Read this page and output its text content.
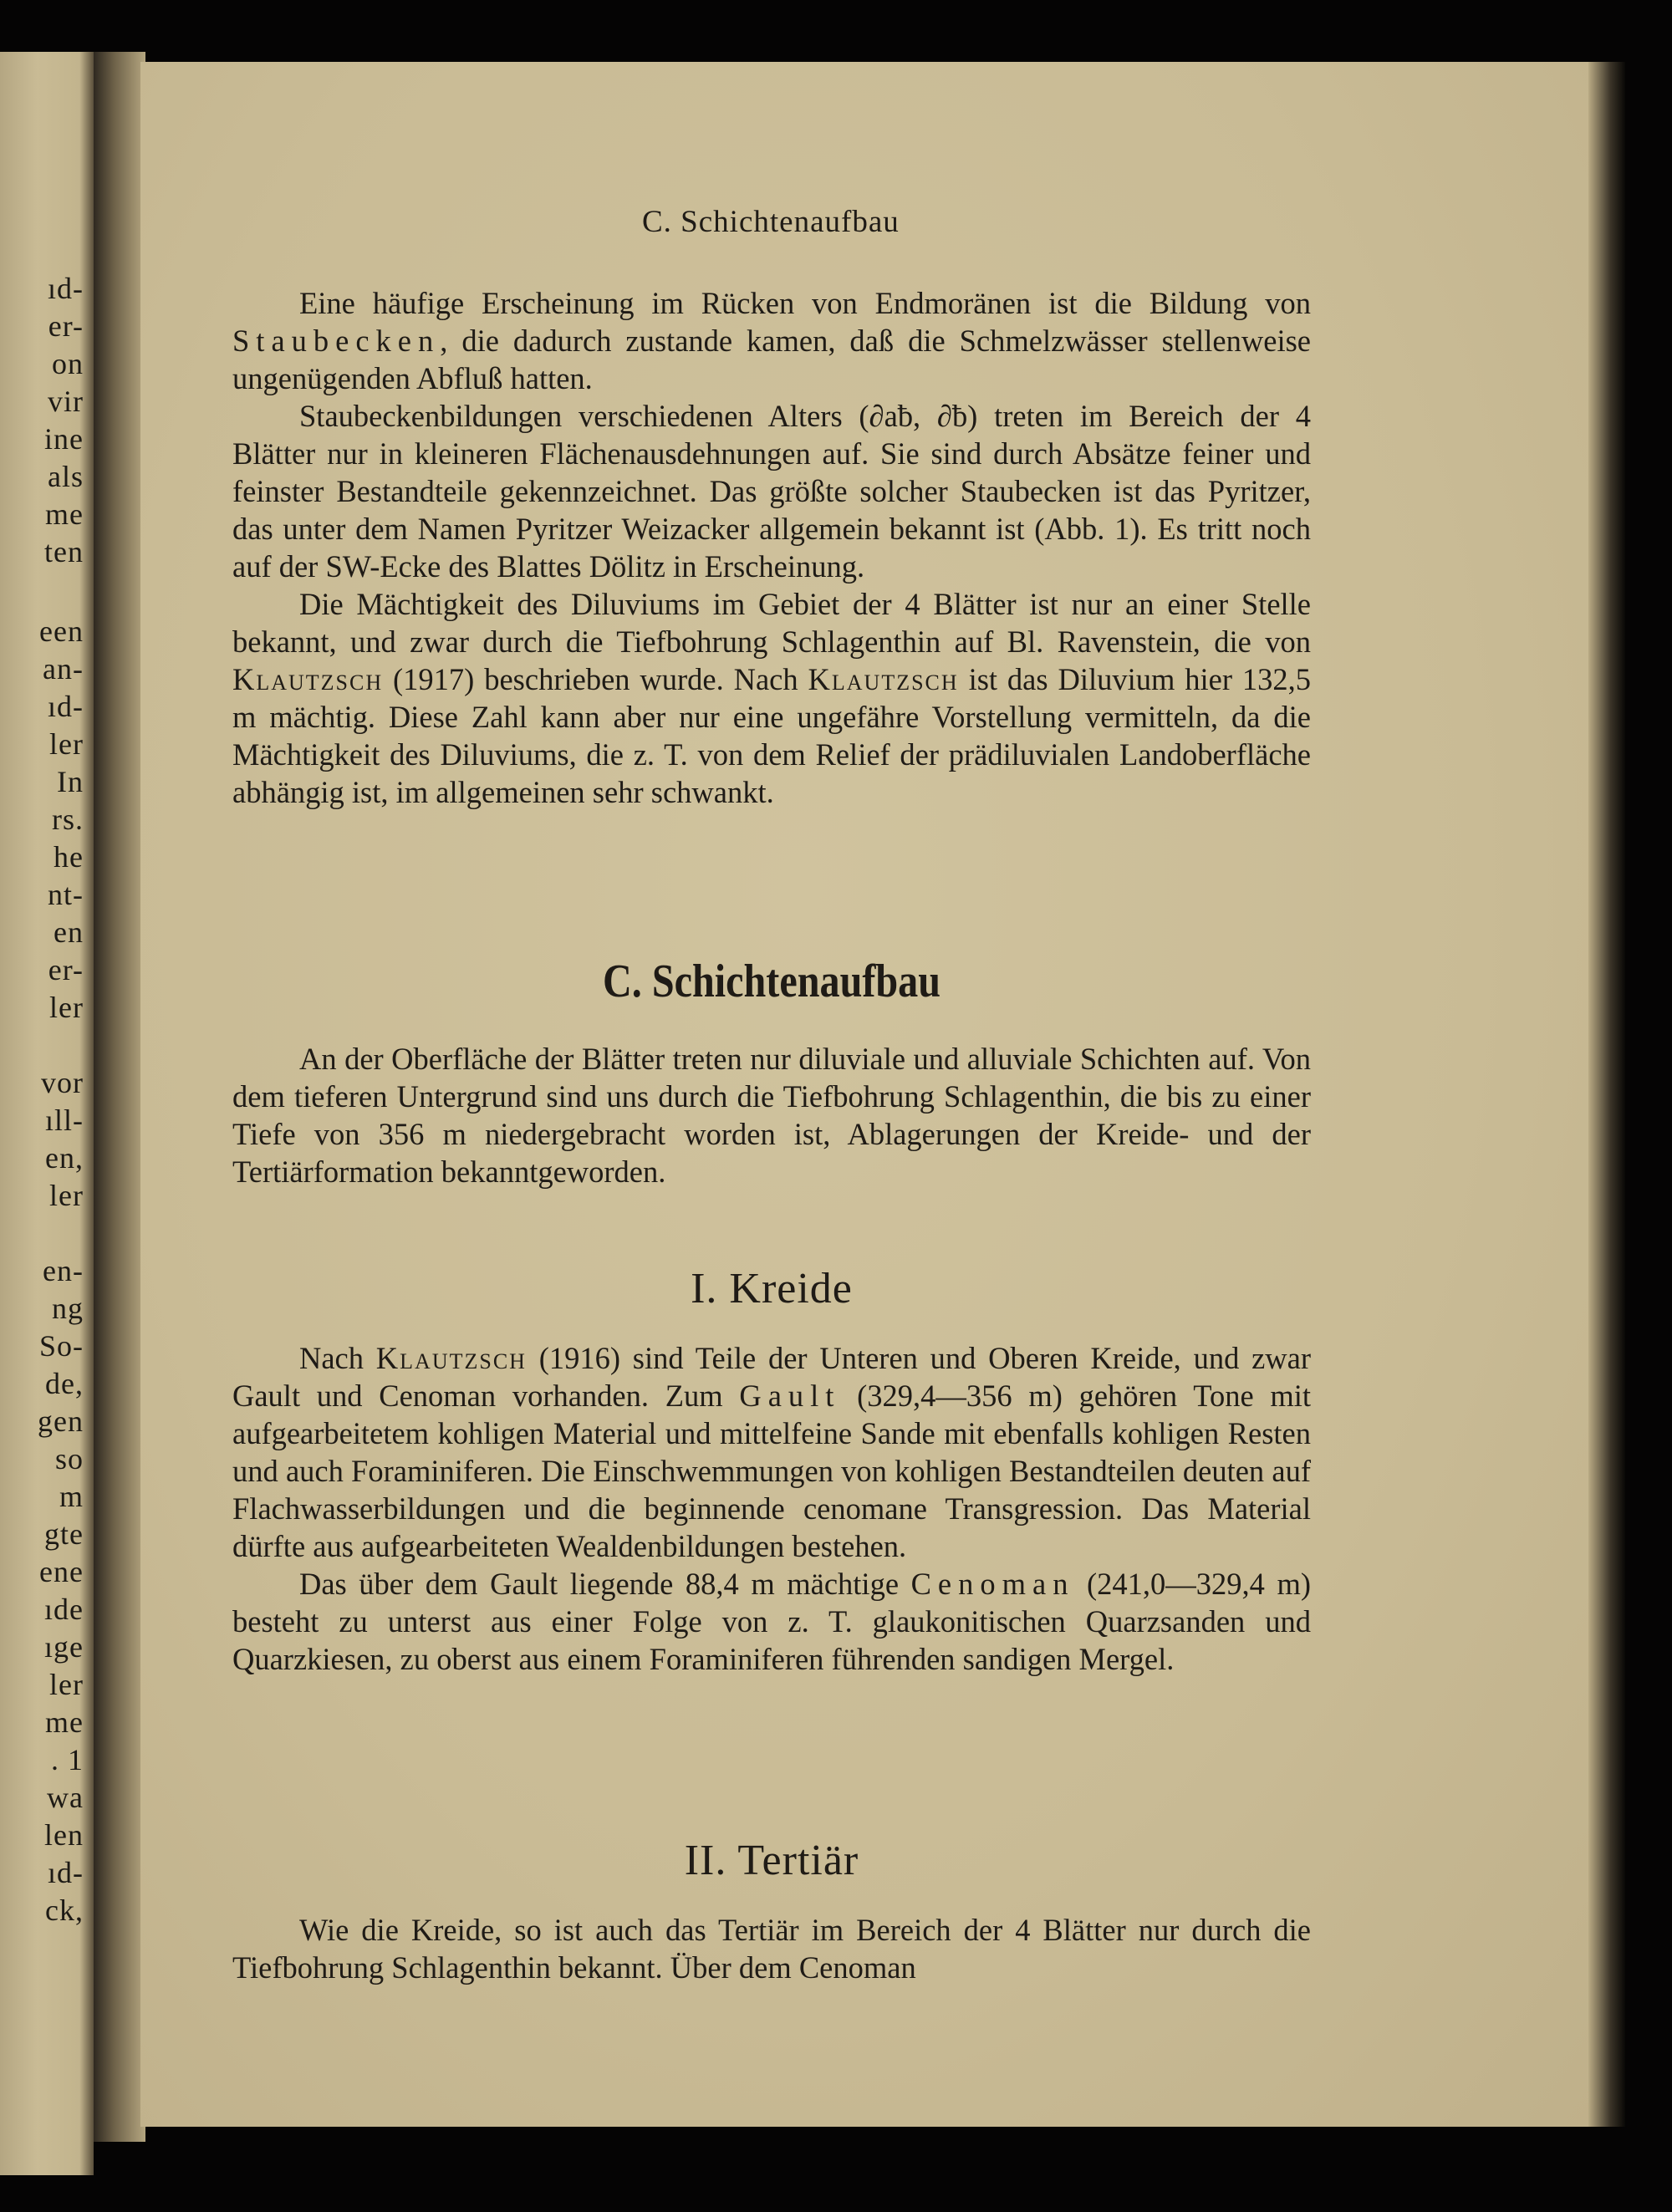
ıd-
er-
on
vir
ine
als
me
ten
een
an-
ıd-
ler
In
rs.
he
nt-
en
er-
ler
vor
ıll-
en,
ler
en-
ng
So-
de,
gen
so
m
gte
ene
ıde
ıge
ler
me
. 1
wa
len
ıd-
ck,
C. Schichtenaufbau

Eine häufige Erscheinung im Rücken von Endmoränen ist die Bildung von Staubecken, die dadurch zustande kamen, daß die Schmelzwässer stellenweise ungenügenden Abfluß hatten.

Staubeckenbildungen verschiedenen Alters (∂aƀ, ∂ƀ) treten im Bereich der 4 Blätter nur in kleineren Flächenausdehnungen auf. Sie sind durch Absätze feiner und feinster Bestandteile gekennzeichnet. Das größte solcher Staubecken ist das Pyritzer, das unter dem Namen Pyritzer Weizacker allgemein bekannt ist (Abb. 1). Es tritt noch auf der SW-Ecke des Blattes Dölitz in Erscheinung.

Die Mächtigkeit des Diluviums im Gebiet der 4 Blätter ist nur an einer Stelle bekannt, und zwar durch die Tiefbohrung Schlagenthin auf Bl. Ravenstein, die von Klautzsch (1917) beschrieben wurde. Nach Klautzsch ist das Diluvium hier 132,5 m mächtig. Diese Zahl kann aber nur eine ungefähre Vorstellung vermitteln, da die Mächtigkeit des Diluviums, die z. T. von dem Relief der prädiluvialen Landoberfläche abhängig ist, im allgemeinen sehr schwankt.

C. Schichtenaufbau

An der Oberfläche der Blätter treten nur diluviale und alluviale Schichten auf. Von dem tieferen Untergrund sind uns durch die Tiefbohrung Schlagenthin, die bis zu einer Tiefe von 356 m niedergebracht worden ist, Ablagerungen der Kreide- und der Tertiärformation bekanntgeworden.

I. Kreide

Nach Klautzsch (1916) sind Teile der Unteren und Oberen Kreide, und zwar Gault und Cenoman vorhanden. Zum Gault (329,4—356 m) gehören Tone mit aufgearbeitetem kohligen Material und mittelfeine Sande mit ebenfalls kohligen Resten und auch Foraminiferen. Die Einschwemmungen von kohligen Bestandteilen deuten auf Flachwasserbildungen und die beginnende cenomane Transgression. Das Material dürfte aus aufgearbeiteten Wealdenbildungen bestehen.

Das über dem Gault liegende 88,4 m mächtige Cenoman (241,0—329,4 m) besteht zu unterst aus einer Folge von z. T. glaukonitischen Quarzsanden und Quarzkiesen, zu oberst aus einem Foraminiferen führenden sandigen Mergel.

II. Tertiär

Wie die Kreide, so ist auch das Tertiär im Bereich der 4 Blätter nur durch die Tiefbohrung Schlagenthin bekannt. Über dem Cenoman
